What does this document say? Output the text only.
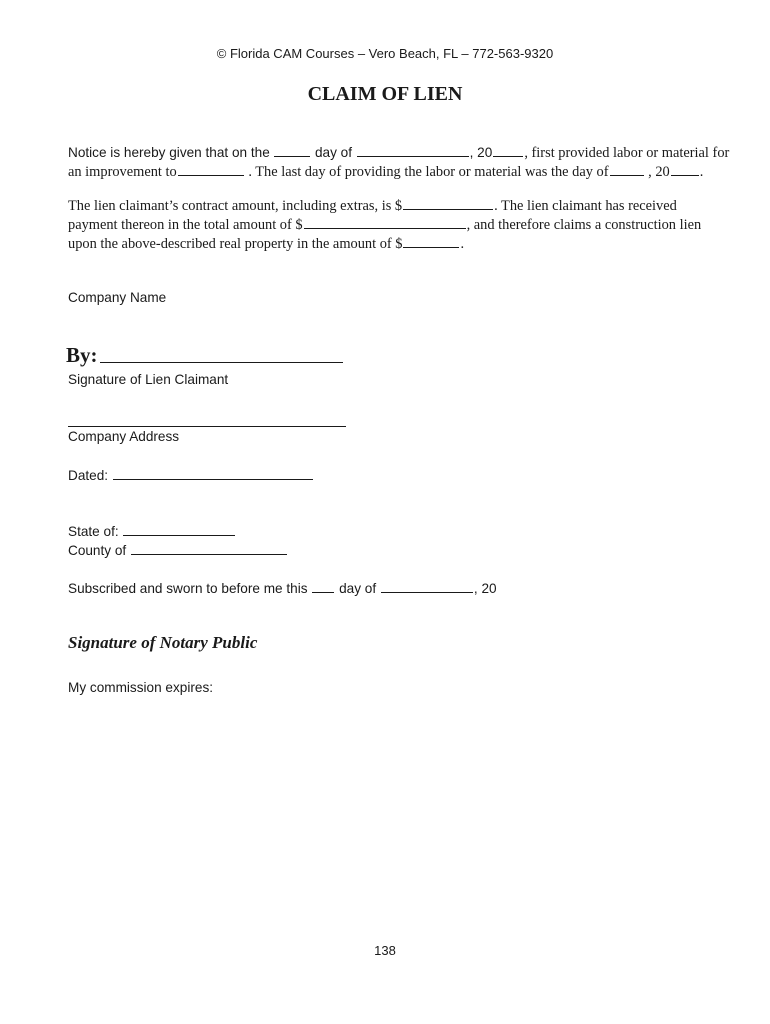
© Florida CAM Courses – Vero Beach, FL – 772-563-9320
CLAIM OF LIEN
Notice is hereby given that on the	day of	, 20 , first provided labor or material for
an improvement to	. The last day of providing the labor or material was the day of	, 20 .
The lien claimant’s contract amount, including extras, is $	. The lien claimant has received
payment thereon in the total amount of $	, and therefore claims a construction lien
upon the above-described real property in the amount of $	.
Company Name
By:
Signature of Lien Claimant
Company Address
Dated:
State of:
County of
Subscribed and sworn to before me this day of	, 20
Signature of Notary Public
My commission expires:
138
